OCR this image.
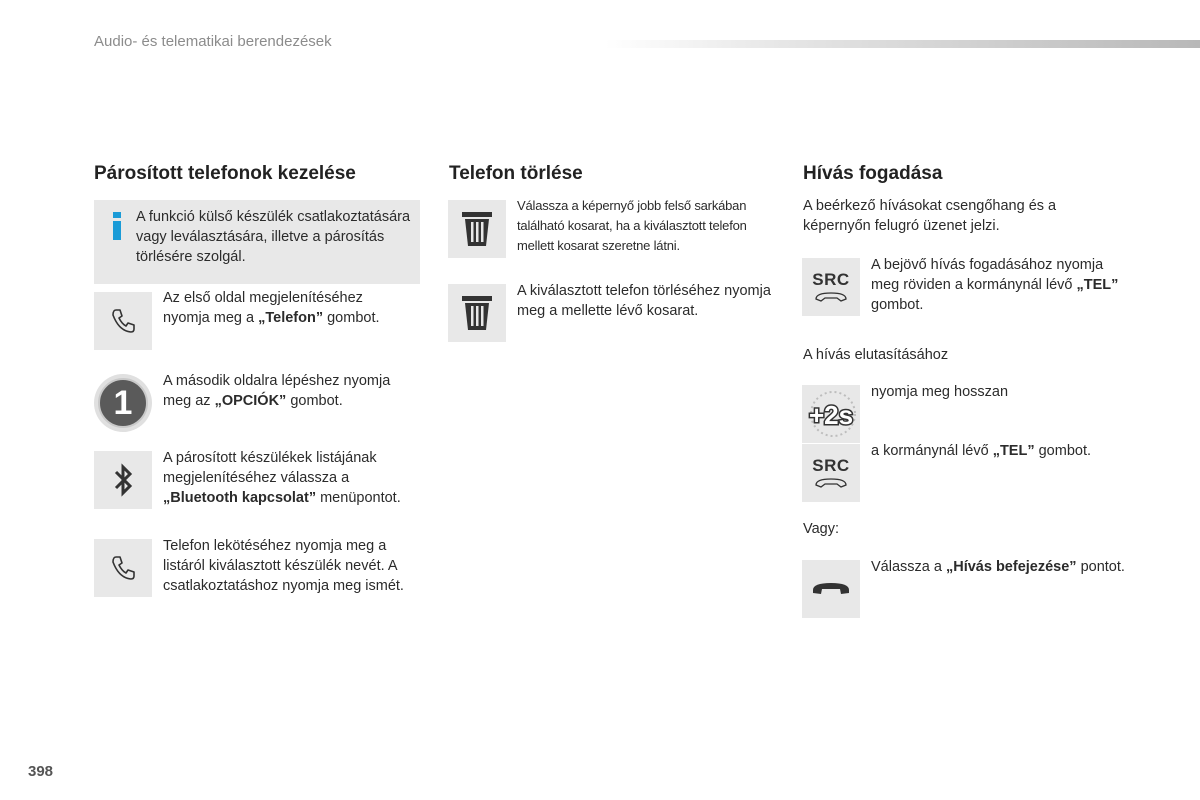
Audio- és telematikai berendezések
Párosított telefonok kezelése
A funkció külső készülék csatlakoztatására vagy leválasztására, illetve a párosítás törlésére szolgál.
Az első oldal megjelenítéséhez nyomja meg a „Telefon” gombot.
1
A második oldalra lépéshez nyomja meg az „OPCIÓK” gombot.
A párosított készülékek listájának megjelenítéséhez válassza a „Bluetooth kapcsolat” menüpontot.
Telefon lekötéséhez nyomja meg a listáról kiválasztott készülék nevét. A csatlakoztatáshoz nyomja meg ismét.
Telefon törlése
Válassza a képernyő jobb felső sarkában található kosarat, ha a kiválasztott telefon mellett kosarat szeretne látni.
A kiválasztott telefon törléséhez nyomja meg a mellette lévő kosarat.
Hívás fogadása
A beérkező hívásokat csengőhang és a képernyőn felugró üzenet jelzi.
SRC
A bejövő hívás fogadásához nyomja meg röviden a kormánynál lévő „TEL” gombot.
A hívás elutasításához
+2s
nyomja meg hosszan
SRC
a kormánynál lévő „TEL” gombot.
Vagy:
Válassza a „Hívás befejezése” pontot.
398
